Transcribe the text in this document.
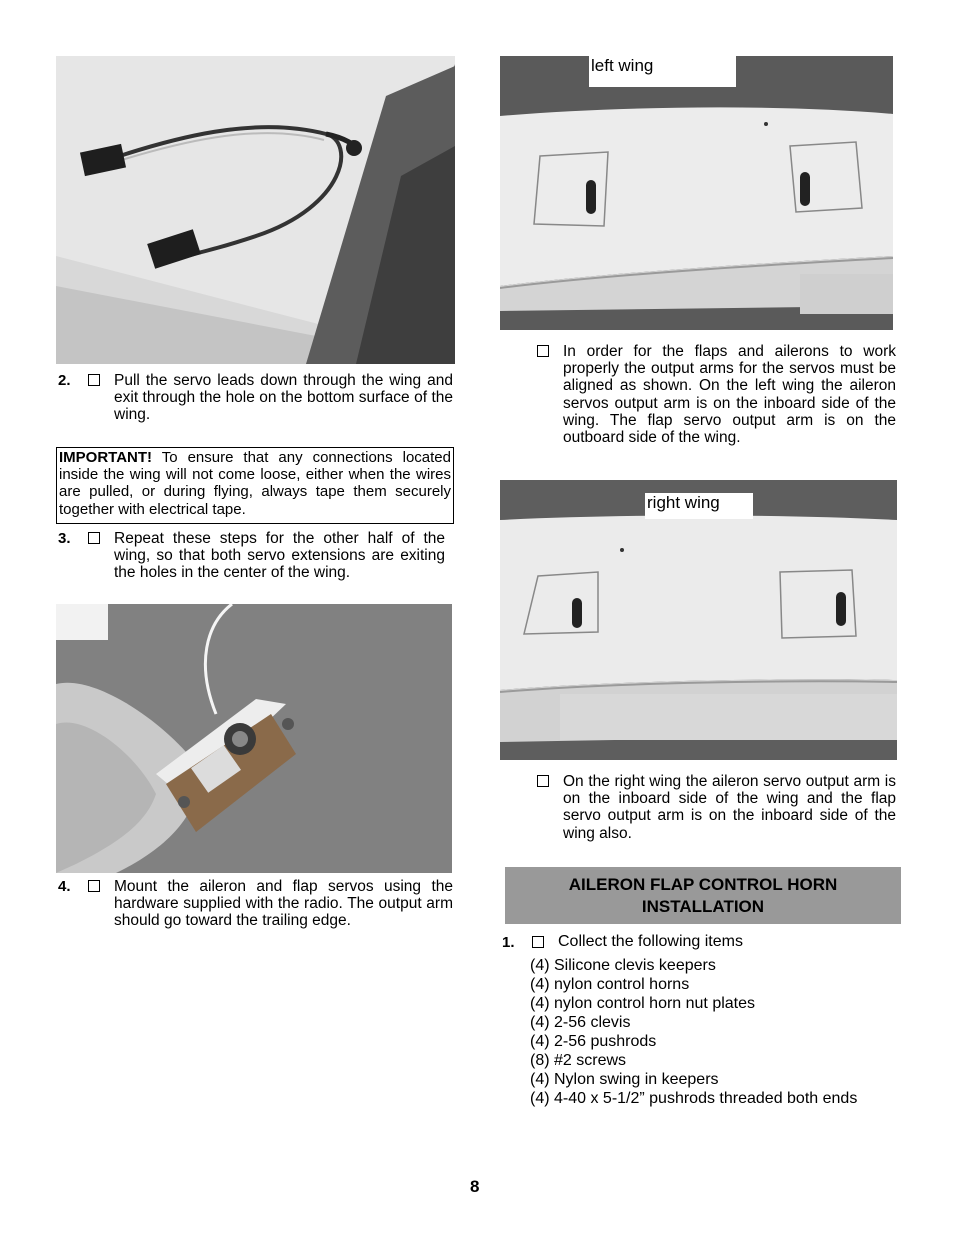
2.	Pull the servo leads down through the wing and exit through the hole on the bottom surface of the wing.
IMPORTANT! To ensure that any connections located inside the wing will not come loose, either when the wires are pulled, or during flying, always tape them securely together with electrical tape.
3.	Repeat these steps for the other half of the wing, so that both servo extensions are exiting the holes in the center of the wing.
4.	Mount the aileron and flap servos using the hardware supplied with the radio. The output arm should go toward the trailing edge.
left wing
In order for the flaps and ailerons to work properly the output arms for the servos must be aligned as shown. On the left wing the aileron servos output arm is on the inboard side of the wing. The flap servo output arm is on the outboard side of the wing.
right wing
On the right wing the aileron servo output arm is on the inboard side of the wing and the flap servo output arm is on the inboard side of the wing also.
AILERON FLAP CONTROL HORN
INSTALLATION
1.	Collect the following items
(4) Silicone clevis keepers
(4) nylon control horns
(4) nylon control horn nut plates
(4) 2-56 clevis
(4) 2-56 pushrods
(8) #2 screws
(4) Nylon swing in keepers
(4) 4-40 x 5-1/2” pushrods threaded both ends
8
